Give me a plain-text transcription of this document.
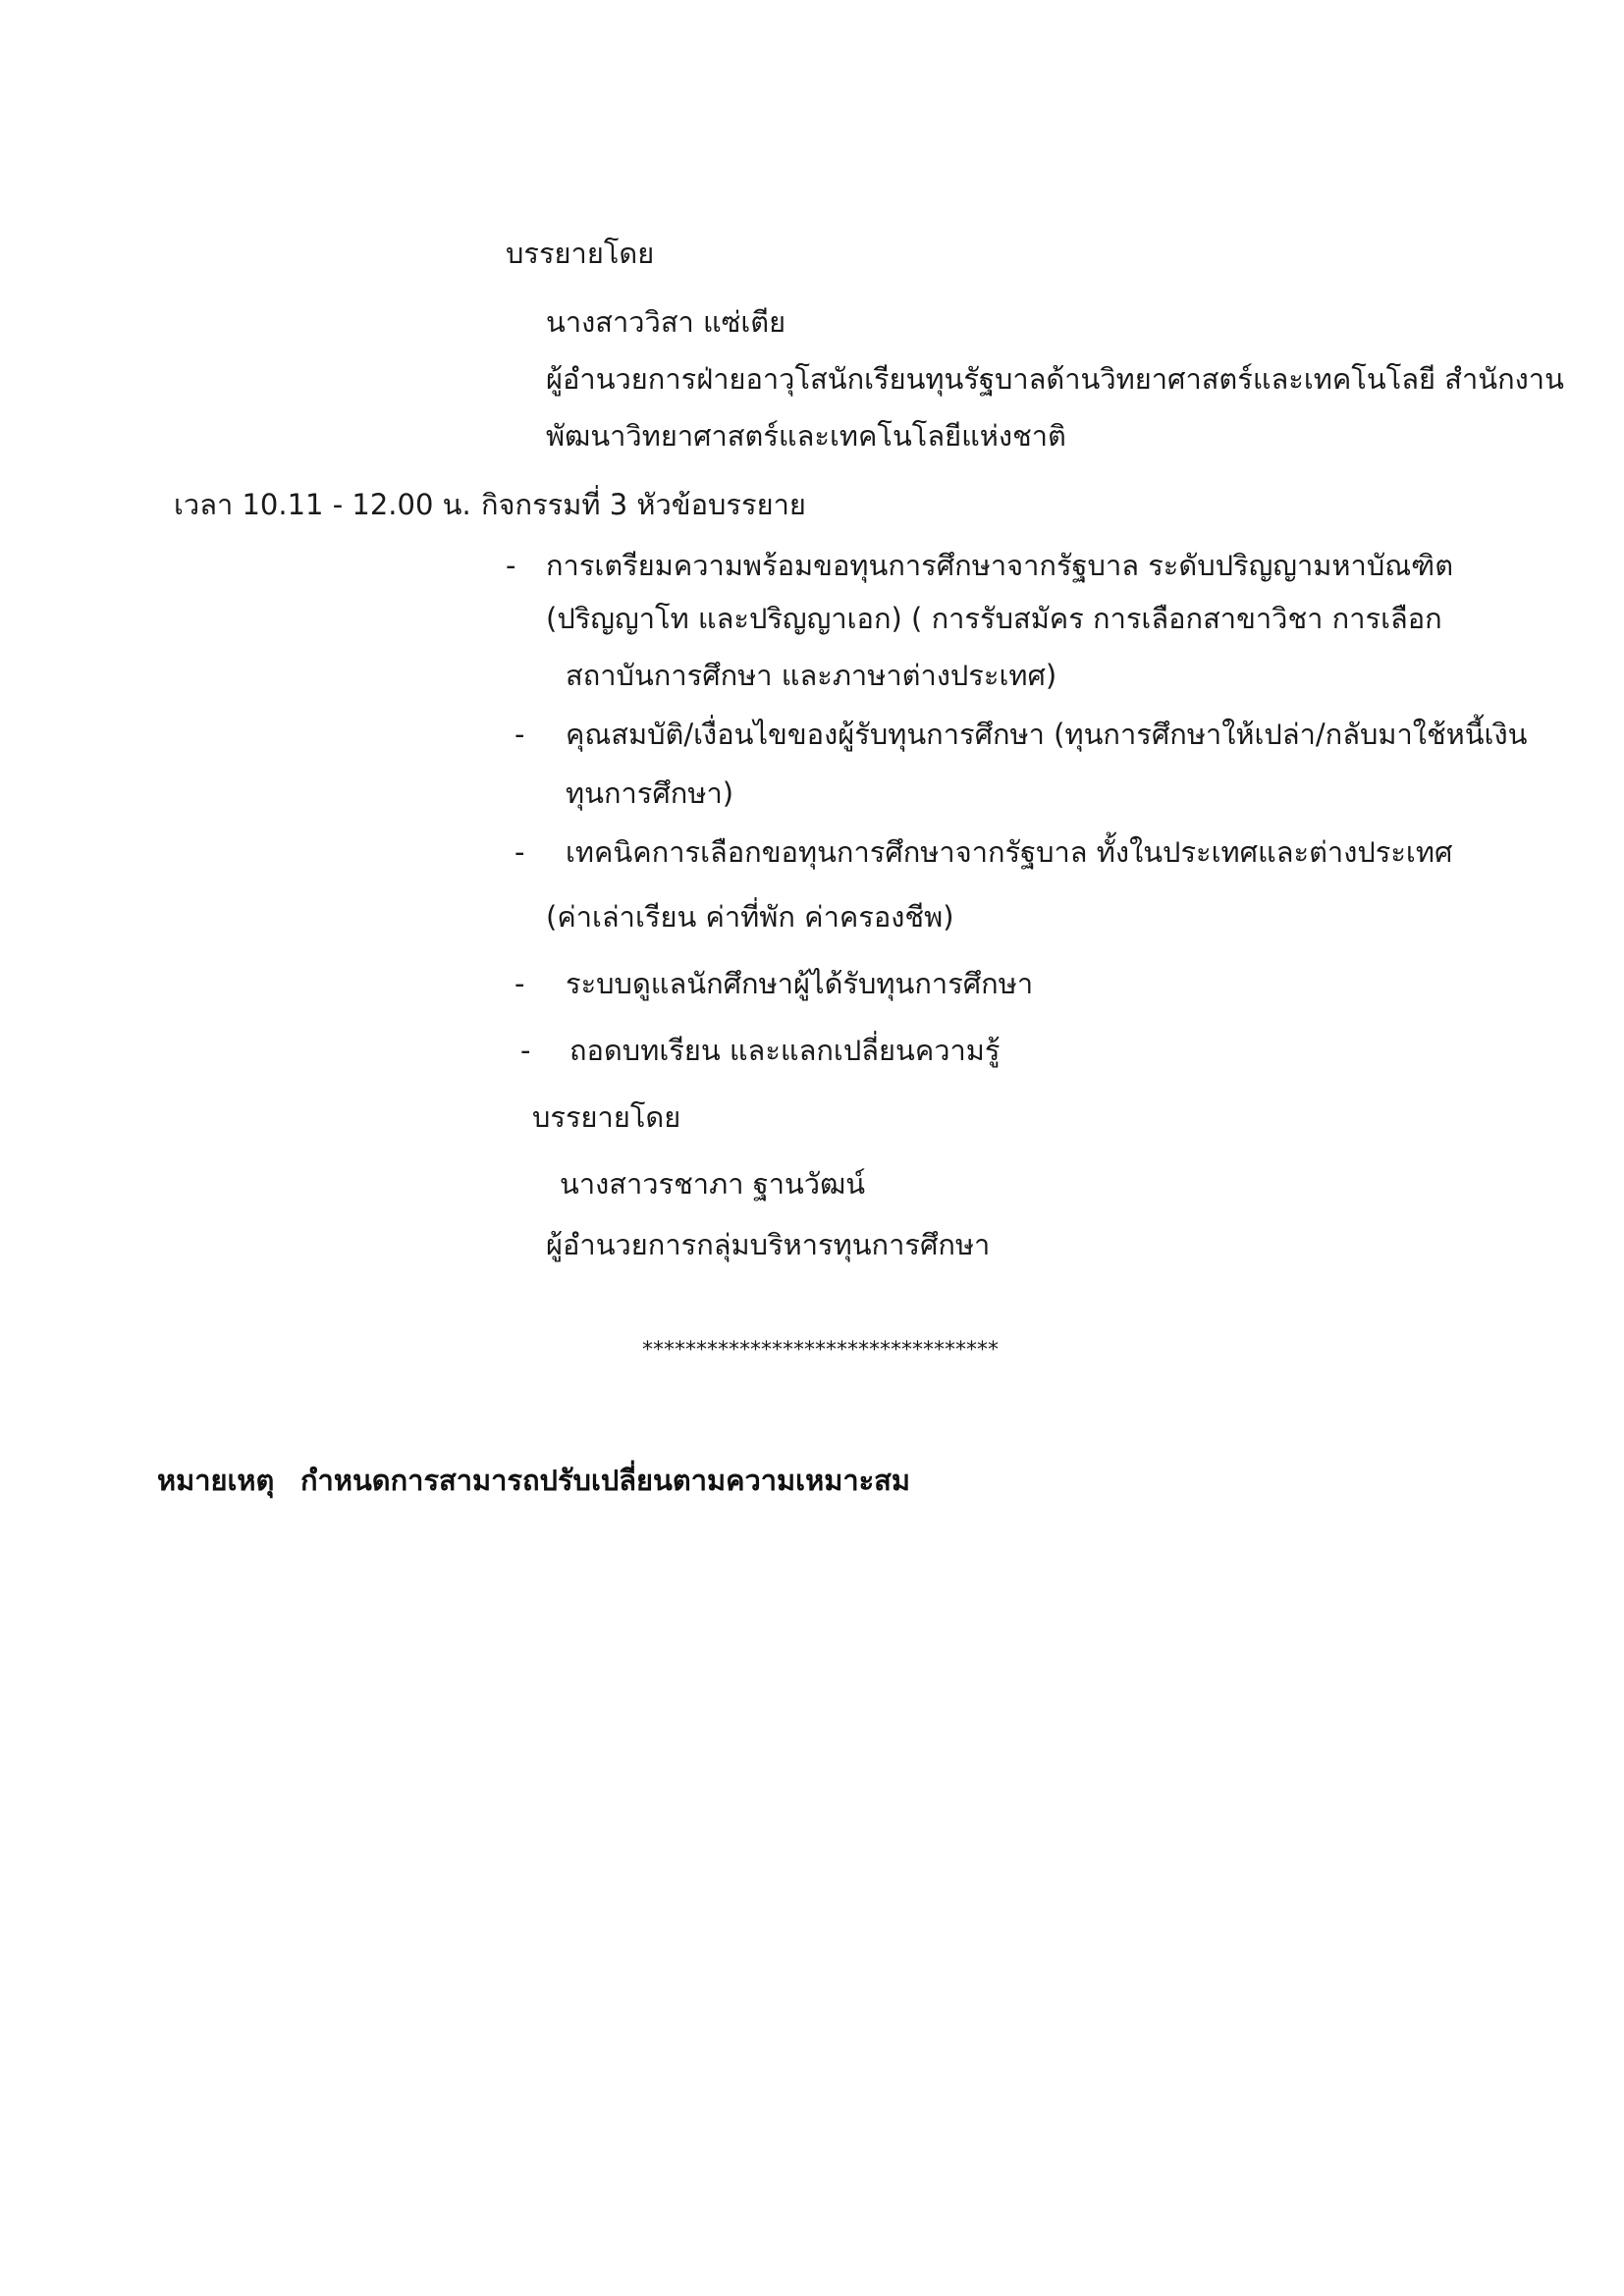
บรรยายโดย
นางสาววิสา แซ่เตีย
ผู้อำนวยการฝ่ายอาวุโสนักเรียนทุนรัฐบาลด้านวิทยาศาสตร์และเทคโนโลยี สำนักงาน
พัฒนาวิทยาศาสตร์และเทคโนโลยีแห่งชาติ
เวลา 10.11 - 12.00 น. กิจกรรมที่ 3 หัวข้อบรรยาย
- การเตรียมความพร้อมขอทุนการศึกษาจากรัฐบาล ระดับปริญญามหาบัณฑิต
(ปริญญาโท และปริญญาเอก) ( การรับสมัคร การเลือกสาขาวิชา การเลือก
สถาบันการศึกษา และภาษาต่างประเทศ)
- คุณสมบัติ/เงื่อนไขของผู้รับทุนการศึกษา (ทุนการศึกษาให้เปล่า/กลับมาใช้หนี้เงิน
ทุนการศึกษา)
- เทคนิคการเลือกขอทุนการศึกษาจากรัฐบาล ทั้งในประเทศและต่างประเทศ
(ค่าเล่าเรียน ค่าที่พัก ค่าครองชีพ)
- ระบบดูแลนักศึกษาผู้ได้รับทุนการศึกษา
- ถอดบทเรียน และแลกเปลี่ยนความรู้
บรรยายโดย
นางสาวรชาภา ฐานวัฒน์
ผู้อำนวยการกลุ่มบริหารทุนการศึกษา
*********************************
หมายเหตุ กำหนดการสามารถปรับเปลี่ยนตามความเหมาะสม
